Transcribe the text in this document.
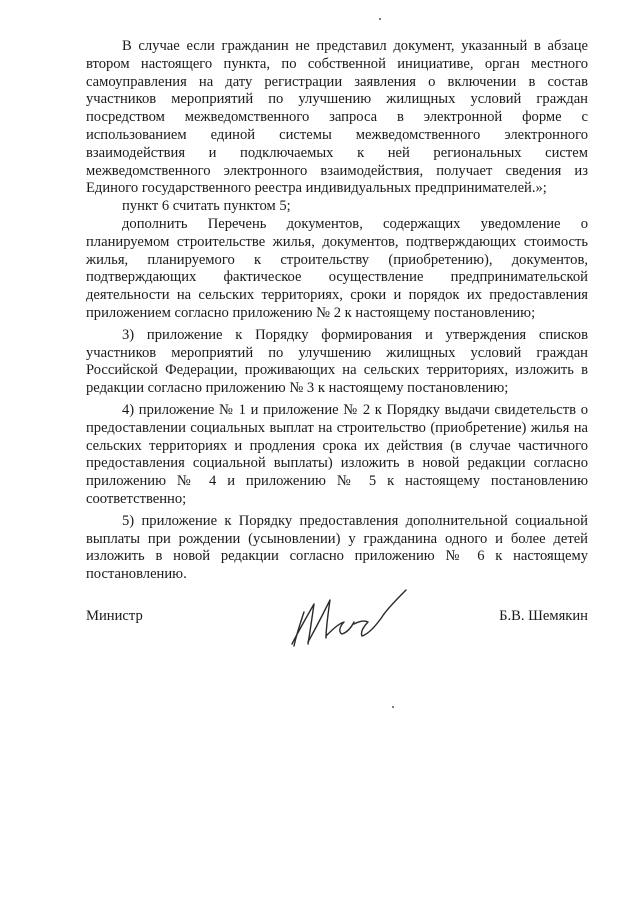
В случае если гражданин не представил документ, указанный в абзаце втором настоящего пункта, по собственной инициативе, орган местного самоуправления на дату регистрации заявления о включении в состав участников мероприятий по улучшению жилищных условий граждан посредством межведомственного запроса в электронной форме с использованием единой системы межведомственного электронного взаимодействия и подключаемых к ней региональных систем межведомственного электронного взаимодействия, получает сведения из Единого государственного реестра индивидуальных предпринимателей.»;

пункт 6 считать пунктом 5;

дополнить Перечень документов, содержащих уведомление о планируемом строительстве жилья, документов, подтверждающих стоимость жилья, планируемого к строительству (приобретению), документов, подтверждающих фактическое осуществление предпринимательской деятельности на сельских территориях, сроки и порядок их предоставления приложением согласно приложению № 2 к настоящему постановлению;

3) приложение к Порядку формирования и утверждения списков участников мероприятий по улучшению жилищных условий граждан Российской Федерации, проживающих на сельских территориях, изложить в редакции согласно приложению № 3 к настоящему постановлению;

4) приложение № 1 и приложение № 2 к Порядку выдачи свидетельств о предоставлении социальных выплат на строительство (приобретение) жилья на сельских территориях и продления срока их действия (в случае частичного предоставления социальной выплаты) изложить в новой редакции согласно приложению № 4 и приложению № 5 к настоящему постановлению соответственно;

5) приложение к Порядку предоставления дополнительной социальной выплаты при рождении (усыновлении) у гражданина одного и более детей изложить в новой редакции согласно приложению № 6 к настоящему постановлению.

Министр	Б.В. Шемякин
